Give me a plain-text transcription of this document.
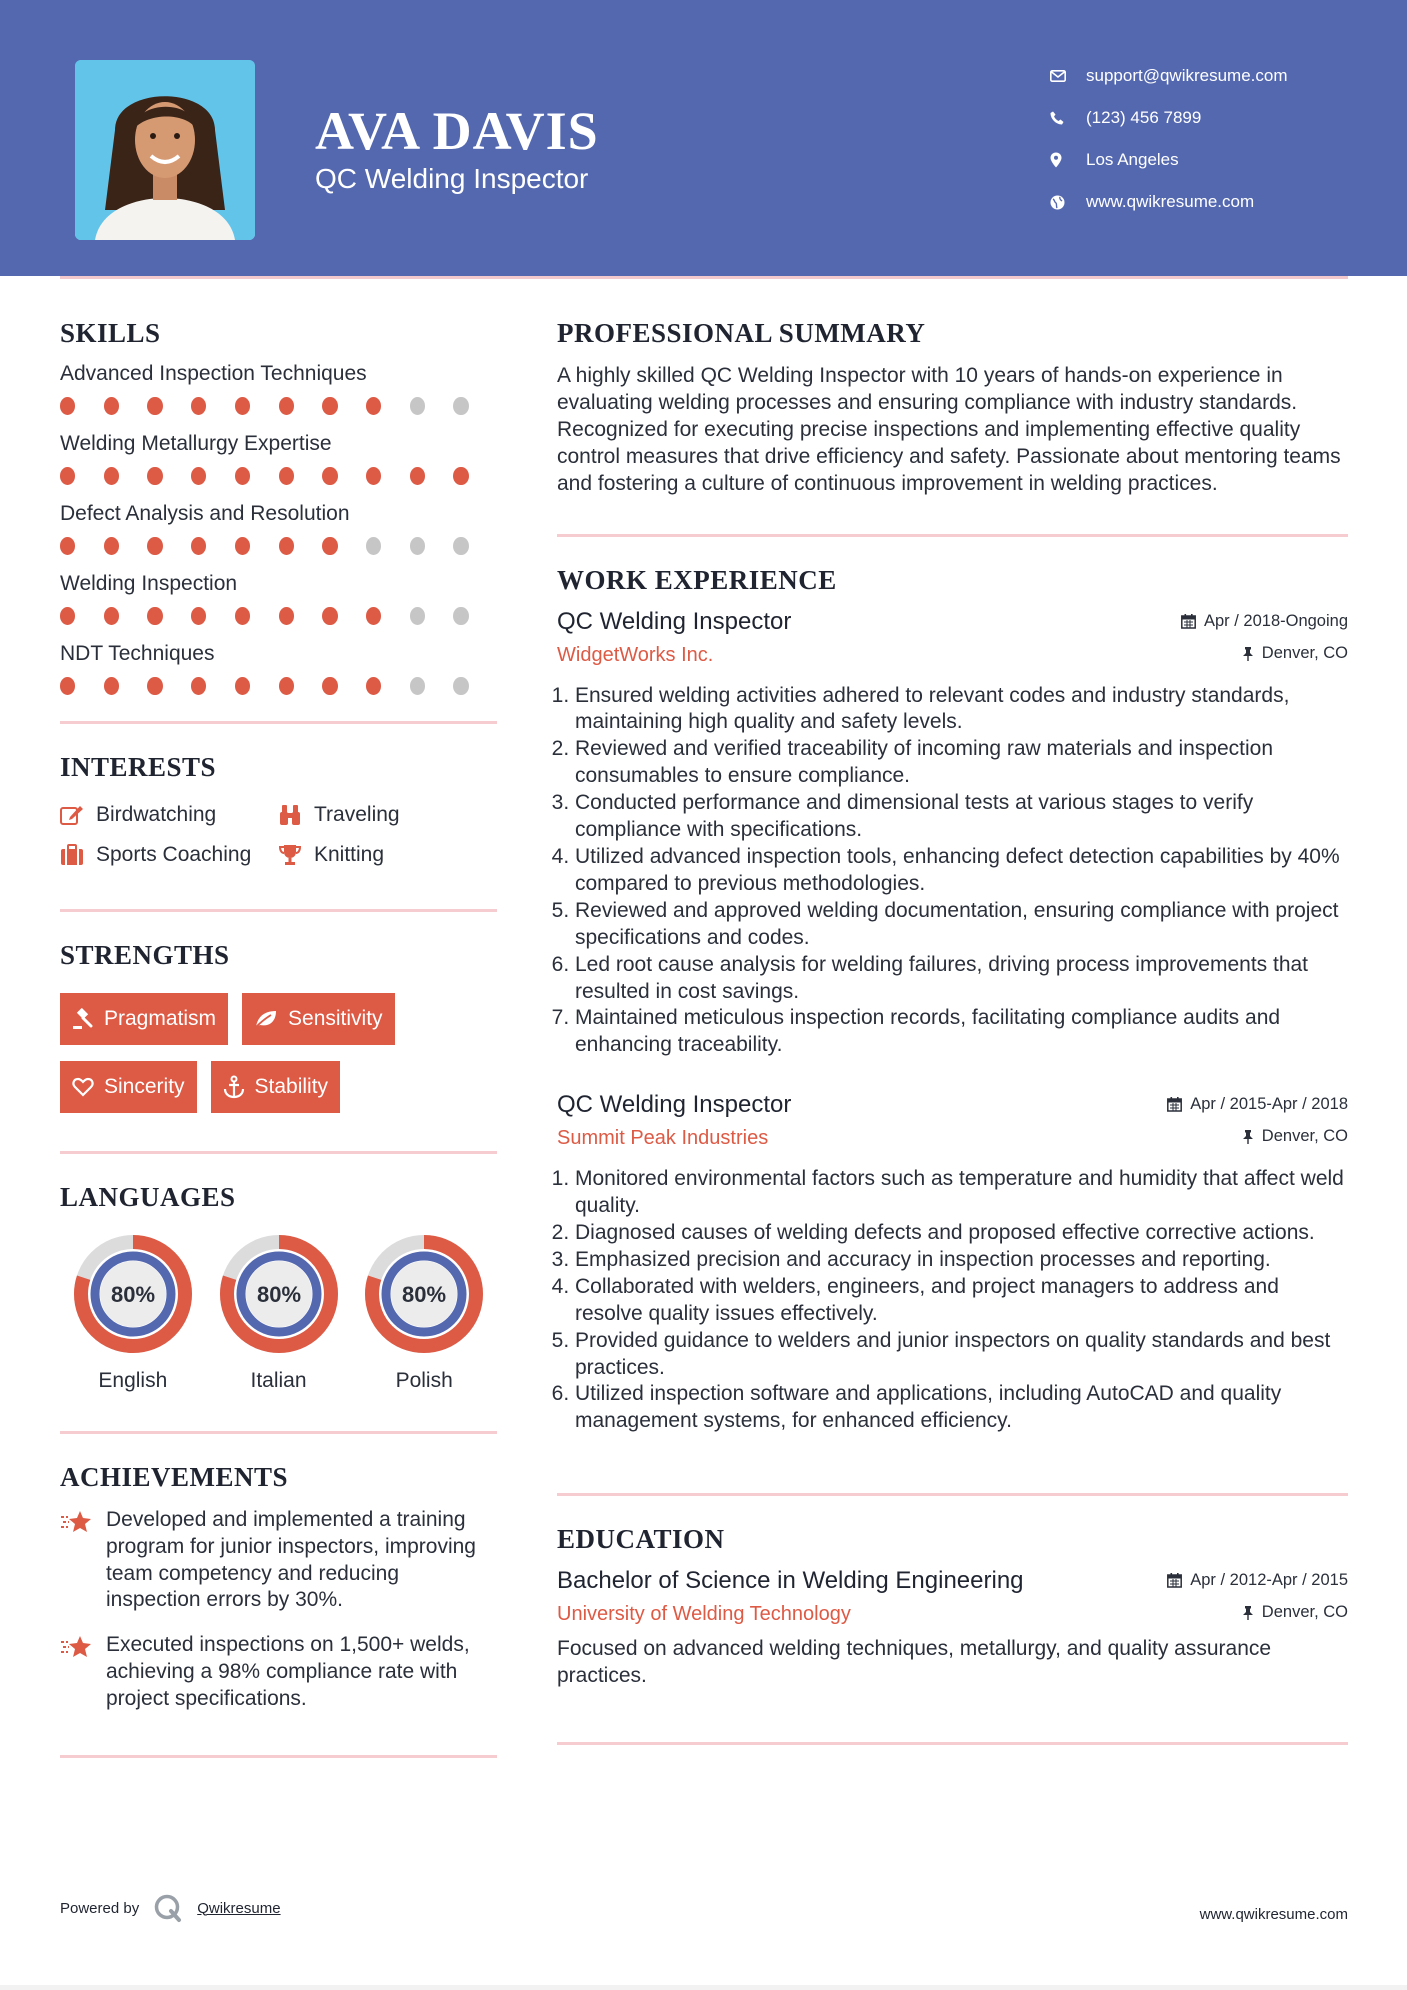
AVA DAVIS
QC Welding Inspector
support@qwikresume.com
(123) 456 7899
Los Angeles
www.qwikresume.com
SKILLS
Advanced Inspection Techniques
Welding Metallurgy Expertise
Defect Analysis and Resolution
Welding Inspection
NDT Techniques
INTERESTS
Birdwatching	Traveling
Sports Coaching	Knitting
STRENGTHS
Pragmatism	Sensitivity
Sincerity	Stability
LANGUAGES
80%
English
80%
Italian
80%
Polish
ACHIEVEMENTS
Developed and implemented a training program for junior inspectors, improving team competency and reducing inspection errors by 30%.
Executed inspections on 1,500+ welds, achieving a 98% compliance rate with project specifications.
PROFESSIONAL SUMMARY
A highly skilled QC Welding Inspector with 10 years of hands-on experience in evaluating welding processes and ensuring compliance with industry standards. Recognized for executing precise inspections and implementing effective quality control measures that drive efficiency and safety. Passionate about mentoring teams and fostering a culture of continuous improvement in welding practices.
WORK EXPERIENCE
QC Welding Inspector	Apr / 2018-Ongoing
WidgetWorks Inc.	Denver, CO
1. Ensured welding activities adhered to relevant codes and industry standards, maintaining high quality and safety levels.
2. Reviewed and verified traceability of incoming raw materials and inspection consumables to ensure compliance.
3. Conducted performance and dimensional tests at various stages to verify compliance with specifications.
4. Utilized advanced inspection tools, enhancing defect detection capabilities by 40% compared to previous methodologies.
5. Reviewed and approved welding documentation, ensuring compliance with project specifications and codes.
6. Led root cause analysis for welding failures, driving process improvements that resulted in cost savings.
7. Maintained meticulous inspection records, facilitating compliance audits and enhancing traceability.
QC Welding Inspector	Apr / 2015-Apr / 2018
Summit Peak Industries	Denver, CO
1. Monitored environmental factors such as temperature and humidity that affect weld quality.
2. Diagnosed causes of welding defects and proposed effective corrective actions.
3. Emphasized precision and accuracy in inspection processes and reporting.
4. Collaborated with welders, engineers, and project managers to address and resolve quality issues effectively.
5. Provided guidance to welders and junior inspectors on quality standards and best practices.
6. Utilized inspection software and applications, including AutoCAD and quality management systems, for enhanced efficiency.
EDUCATION
Bachelor of Science in Welding Engineering	Apr / 2012-Apr / 2015
University of Welding Technology	Denver, CO
Focused on advanced welding techniques, metallurgy, and quality assurance practices.
Powered by	Qwikresume	www.qwikresume.com
